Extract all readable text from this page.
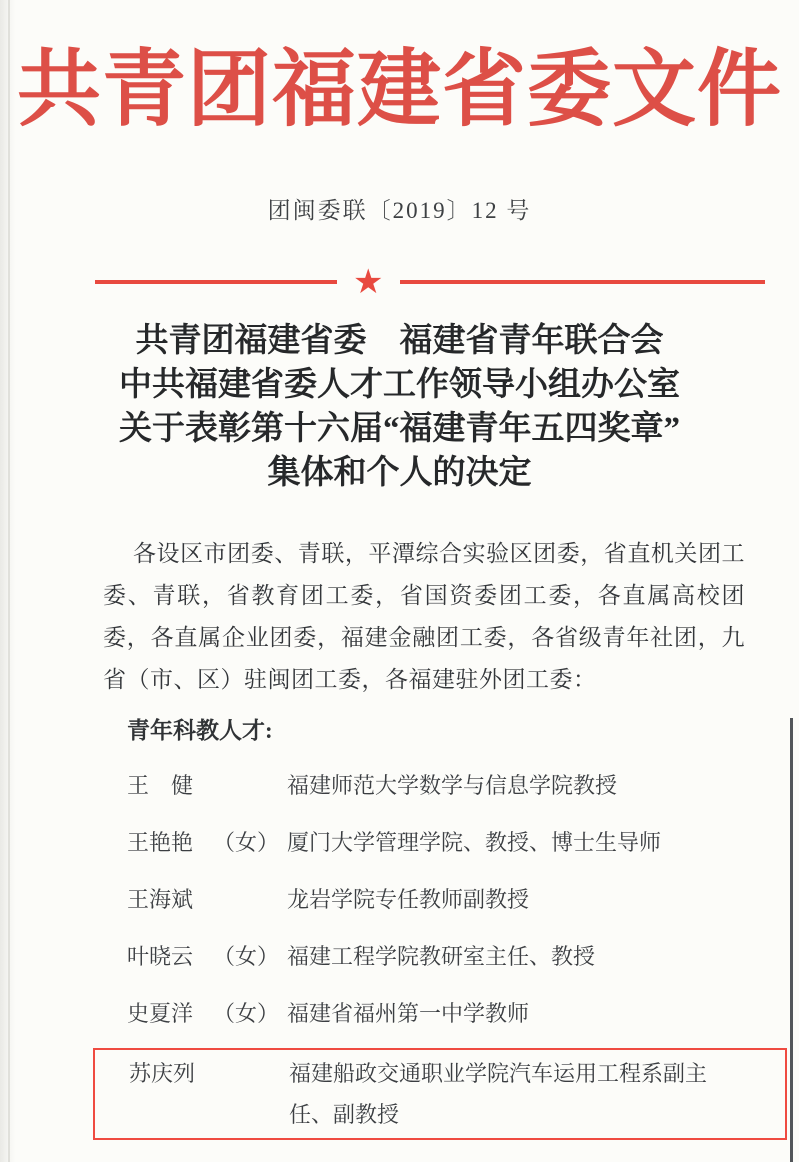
共青团福建省委文件
团闽委联〔2019〕12 号
★
共青团福建省委　福建省青年联合会
中共福建省委人才工作领导小组办公室
关于表彰第十六届“福建青年五四奖章”
集体和个人的决定
各设区市团委、青联，平潭综合实验区团委，省直机关团工委、青联，省教育团工委，省国资委团工委，各直属高校团委，各直属企业团委，福建金融团工委，各省级青年社团，九省（市、区）驻闽团工委，各福建驻外团工委：
青年科教人才:
王　健	福建师范大学数学与信息学院教授
王艳艳 （女） 厦门大学管理学院、教授、博士生导师
王海斌	龙岩学院专任教师副教授
叶晓云 （女） 福建工程学院教研室主任、教授
史夏洋 （女） 福建省福州第一中学教师
苏庆列	福建船政交通职业学院汽车运用工程系副主任、副教授
